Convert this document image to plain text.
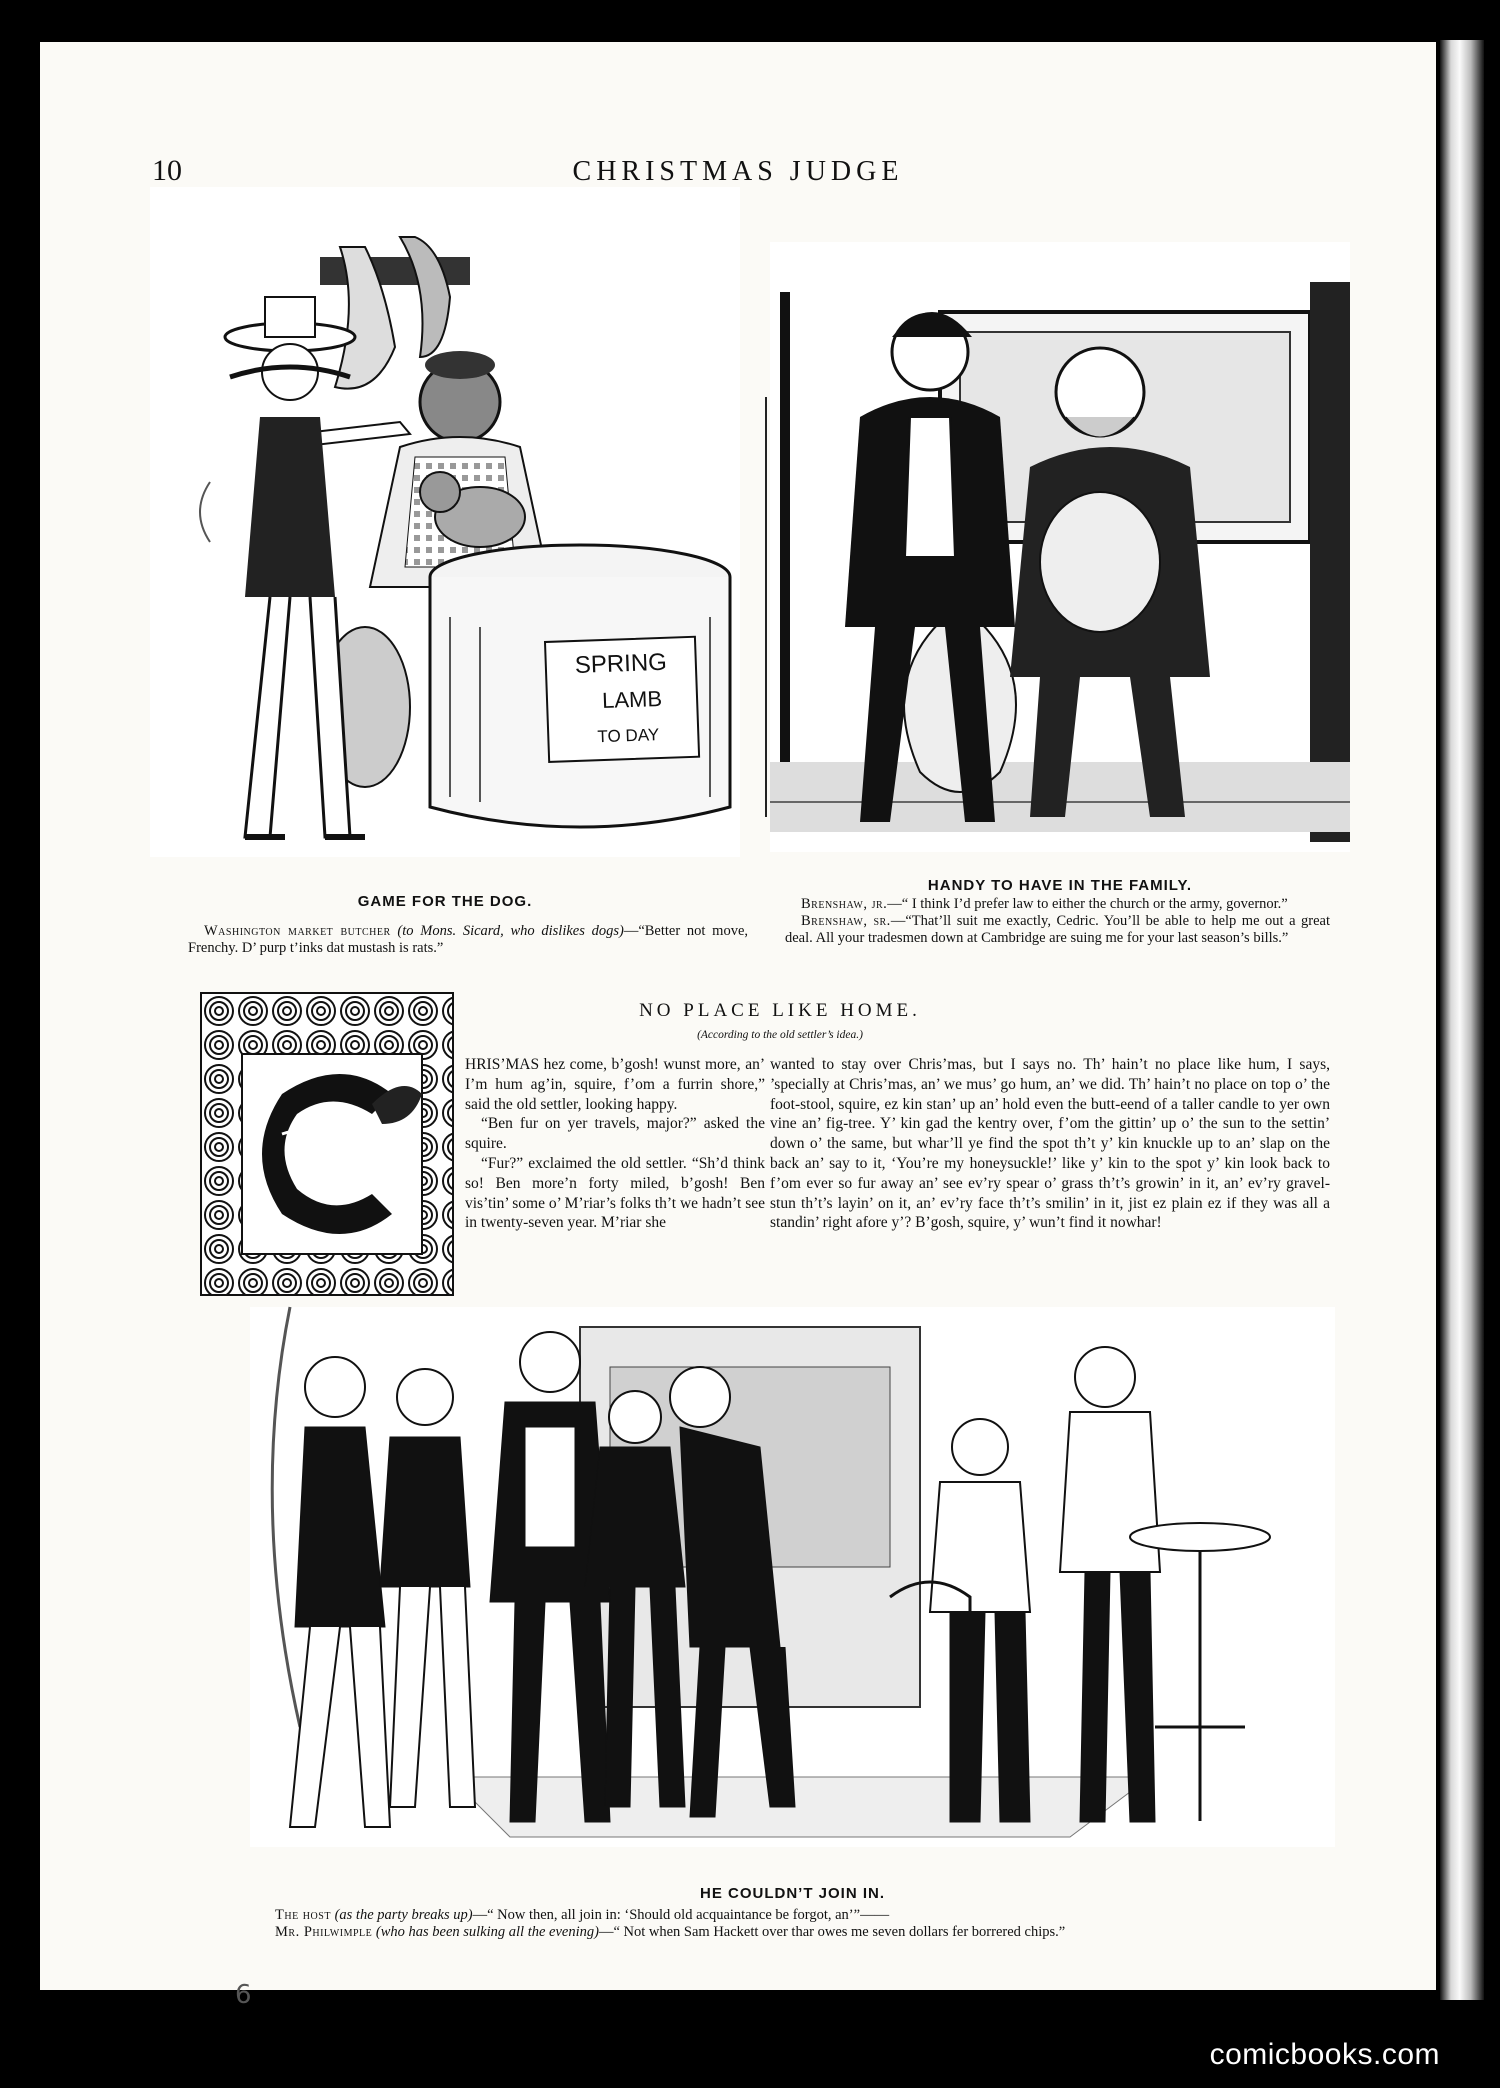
10	CHRISTMAS JUDGE
SPRING
LAMB
TO DAY
GAME FOR THE DOG.
Washington market butcher (to Mons. Sicard, who dislikes dogs)—“Better not move, Frenchy. D’ purp t’inks dat mustash is rats.”
HANDY TO HAVE IN THE FAMILY.
Brenshaw, jr.—“ I think I’d prefer law to either the church or the army, governor.”
Brenshaw, sr.—“That’ll suit me exactly, Cedric. You’ll be able to help me out a great deal. All your tradesmen down at Cambridge are suing me for your last season’s bills.”
NO PLACE LIKE HOME.
(According to the old settler’s idea.)

HRIS’MAS hez come, b’gosh! wunst more, an’ I’m hum ag’in, squire, f’om a furrin shore,” said the old settler, looking happy.

“Ben fur on yer travels, major?” asked the squire.

“Fur?” exclaimed the old settler. “Sh’d think so! Ben more’n forty miled, b’gosh! Ben vis’tin’ some o’ M’riar’s folks th’t we hadn’t see in twenty-seven year. M’riar she

wanted to stay over Chris’mas, but I says no. Th’ hain’t no place like hum, I says, ’specially at Chris’mas, an’ we mus’ go hum, an’ we did. Th’ hain’t no place on top o’ the foot-stool, squire, ez kin stan’ up an’ hold even the butt-eend of a taller candle to yer own vine an’ fig-tree. Y’ kin gad the kentry over, f’om the gittin’ up o’ the sun to the settin’ down o’ the same, but whar’ll ye find the spot th’t y’ kin knuckle up to an’ slap on the back an’ say to it, ‘You’re my honeysuckle!’ like y’ kin to the spot y’ kin look back to f’om ever so fur away an’ see ev’ry spear o’ grass th’t’s growin’ in it, an’ ev’ry gravel-stun th’t’s layin’ on it, an’ ev’ry face th’t’s smilin’ in it, jist ez plain ez if they was all a standin’ right afore y’? B’gosh, squire, y’ wun’t find it nowhar!

HE COULDN’T JOIN IN.
The host (as the party breaks up)—“ Now then, all join in: ‘Should old acquaintance be forgot, an’”——
Mr. Philwimple (who has been sulking all the evening)—“ Not when Sam Hackett over thar owes me seven dollars fer borrered chips.”
6
comicbooks.com
